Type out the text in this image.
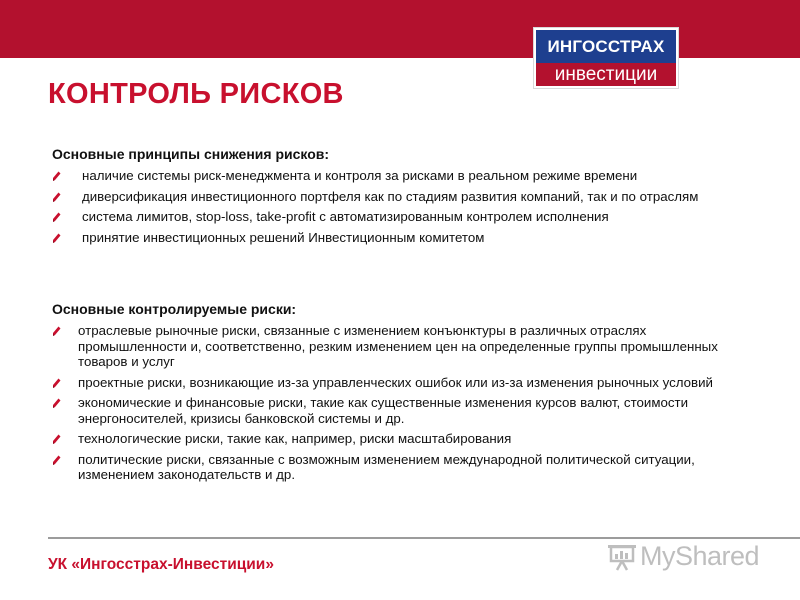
ИНГОССТРАХ
инвестиции
КОНТРОЛЬ РИСКОВ
Основные принципы снижения рисков:
наличие системы риск-менеджмента и контроля за рисками в реальном режиме времени
диверсификация инвестиционного портфеля как по стадиям развития компаний, так и по отраслям
система лимитов, stop-loss, take-profit с автоматизированным контролем исполнения
принятие инвестиционных решений Инвестиционным комитетом
Основные контролируемые риски:
отраслевые рыночные риски, связанные с изменением конъюнктуры в различных отраслях промышленности и, соответственно, резким изменением цен на определенные группы промышленных товаров и услуг
проектные риски, возникающие из-за управленческих ошибок или из-за изменения рыночных условий
экономические и финансовые риски, такие как существенные изменения курсов валют, стоимости энергоносителей, кризисы банковской системы и др.
технологические риски, такие как, например, риски масштабирования
политические риски, связанные с возможным изменением международной политической ситуации, изменением законодательств и др.
УК «Ингосстрах-Инвестиции»	MyShared
